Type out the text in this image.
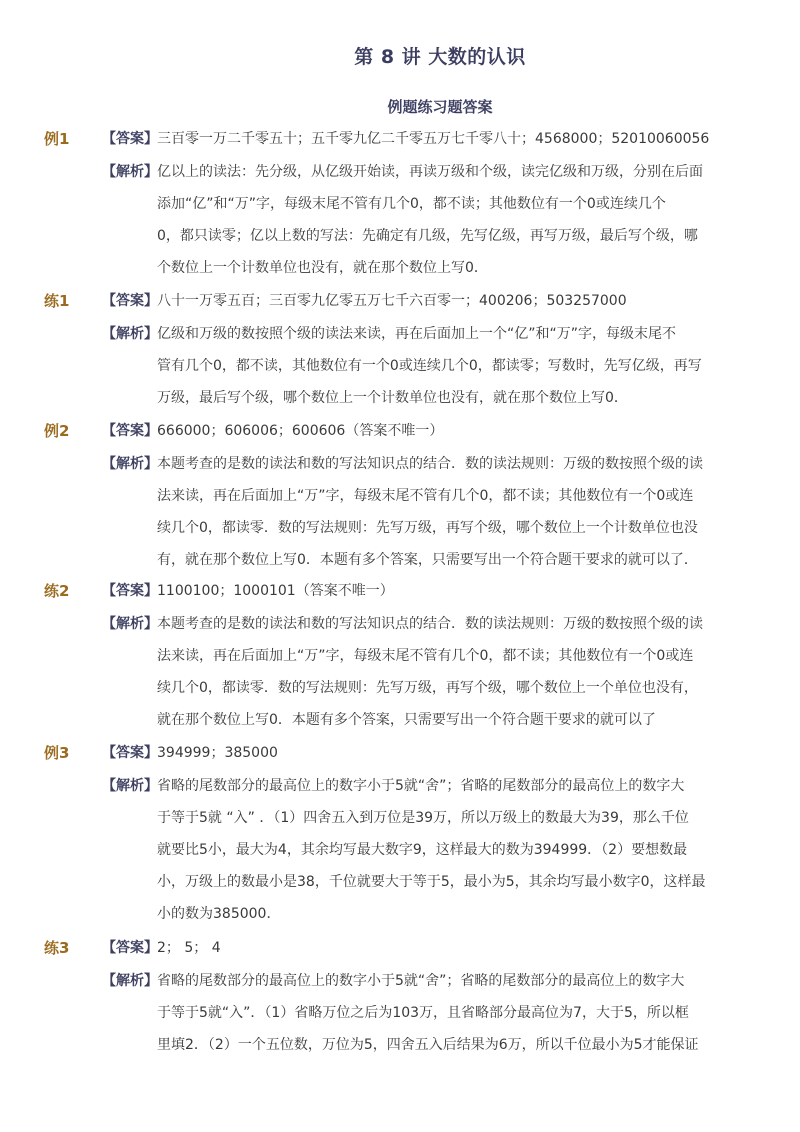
第 8 讲 大数的认识
例题练习题答案
例1 【答案】 三百零一万二千零五十；五千零九亿二千零五万七千零八十；4568000；52010060056
【解析】 亿以上的读法：先分级，从亿级开始读，再读万级和个级，读完亿级和万级，分别在后面
添加“亿”和“万”字，每级末尾不管有几个0，都不读；其他数位有一个0或连续几个
0，都只读零；亿以上数的写法：先确定有几级，先写亿级，再写万级，最后写个级，哪
个数位上一个计数单位也没有，就在那个数位上写0．
练1 【答案】 八十一万零五百；三百零九亿零五万七千六百零一；400206；503257000
【解析】 亿级和万级的数按照个级的读法来读，再在后面加上一个“亿”和“万”字，每级末尾不
管有几个0，都不读，其他数位有一个0或连续几个0，都读零；写数时，先写亿级，再写
万级，最后写个级，哪个数位上一个计数单位也没有，就在那个数位上写0．
例2 【答案】 666000；606006；600606（答案不唯一）
【解析】 本题考查的是数的读法和数的写法知识点的结合．数的读法规则：万级的数按照个级的读
法来读，再在后面加上“万”字，每级末尾不管有几个0，都不读；其他数位有一个0或连
续几个0，都读零．数的写法规则：先写万级，再写个级，哪个数位上一个计数单位也没
有，就在那个数位上写0．本题有多个答案，只需要写出一个符合题干要求的就可以了．
练2 【答案】 1100100；1000101（答案不唯一）
【解析】 本题考查的是数的读法和数的写法知识点的结合．数的读法规则：万级的数按照个级的读
法来读，再在后面加上“万”字，每级末尾不管有几个0，都不读；其他数位有一个0或连
续几个0，都读零．数的写法规则：先写万级，再写个级，哪个数位上一个单位也没有，
就在那个数位上写0．本题有多个答案，只需要写出一个符合题干要求的就可以了
例3 【答案】 394999；385000
【解析】 省略的尾数部分的最高位上的数字小于5就“舍”；省略的尾数部分的最高位上的数字大
于等于5就 “入” ．（1）四舍五入到万位是39万，所以万级上的数最大为39，那么千位
就要比5小，最大为4，其余均写最大数字9，这样最大的数为394999．（2）要想数最
小，万级上的数最小是38，千位就要大于等于5，最小为5，其余均写最小数字0，这样最
小的数为385000．
练3 【答案】 2； 5； 4
【解析】 省略的尾数部分的最高位上的数字小于5就“舍”；省略的尾数部分的最高位上的数字大
于等于5就“入”．（1）省略万位之后为103万，且省略部分最高位为7，大于5，所以框
里填2．（2）一个五位数，万位为5，四舍五入后结果为6万，所以千位最小为5才能保证
